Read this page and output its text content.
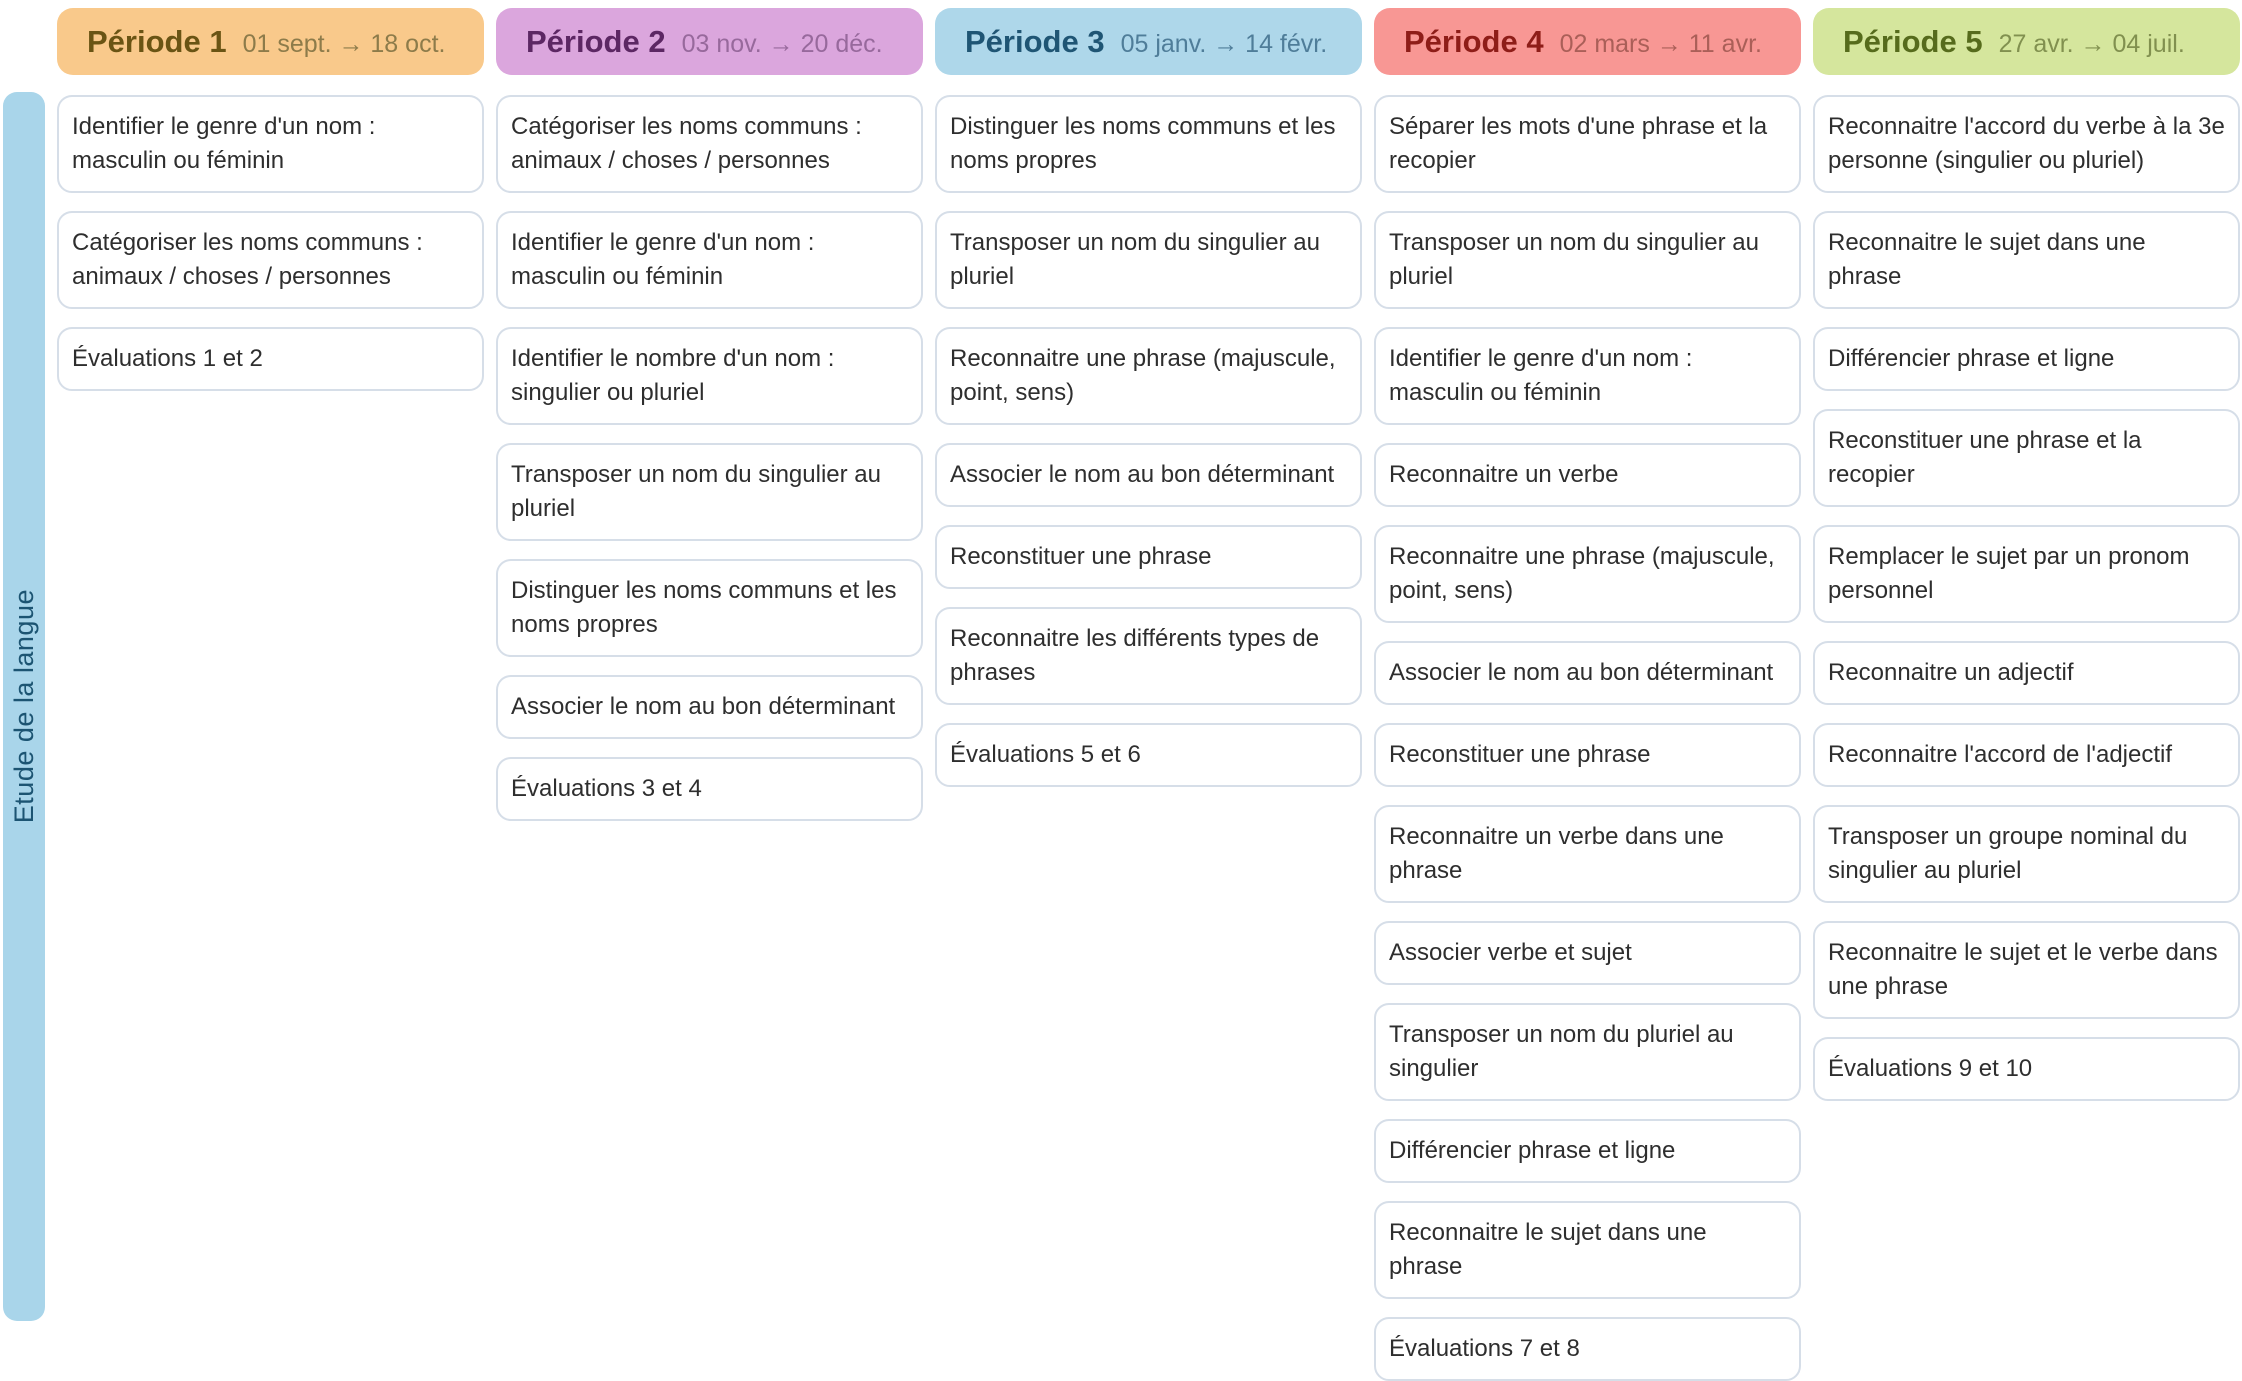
Etude de la langue
Période 1 01 sept. → 18 oct.
Identifier le genre d'un nom : masculin ou féminin
Catégoriser les noms communs : animaux / choses / personnes
Évaluations 1 et 2
Période 2 03 nov. → 20 déc.
Catégoriser les noms communs : animaux / choses / personnes
Identifier le genre d'un nom : masculin ou féminin
Identifier le nombre d'un nom : singulier ou pluriel
Transposer un nom du singulier au pluriel
Distinguer les noms communs et les noms propres
Associer le nom au bon déterminant
Évaluations 3 et 4
Période 3 05 janv. → 14 févr.
Distinguer les noms communs et les noms propres
Transposer un nom du singulier au pluriel
Reconnaitre une phrase (majuscule, point, sens)
Associer le nom au bon déterminant
Reconstituer une phrase
Reconnaitre les différents types de phrases
Évaluations 5 et 6
Période 4 02 mars → 11 avr.
Séparer les mots d'une phrase et la recopier
Transposer un nom du singulier au pluriel
Identifier le genre d'un nom : masculin ou féminin
Reconnaitre un verbe
Reconnaitre une phrase (majuscule, point, sens)
Associer le nom au bon déterminant
Reconstituer une phrase
Reconnaitre un verbe dans une phrase
Associer verbe et sujet
Transposer un nom du pluriel au singulier
Différencier phrase et ligne
Reconnaitre le sujet dans une phrase
Évaluations 7 et 8
Période 5 27 avr. → 04 juil.
Reconnaitre l'accord du verbe à la 3e personne (singulier ou pluriel)
Reconnaitre le sujet dans une phrase
Différencier phrase et ligne
Reconstituer une phrase et la recopier
Remplacer le sujet par un pronom personnel
Reconnaitre un adjectif
Reconnaitre l'accord de l'adjectif
Transposer un groupe nominal du singulier au pluriel
Reconnaitre le sujet et le verbe dans une phrase
Évaluations 9 et 10
